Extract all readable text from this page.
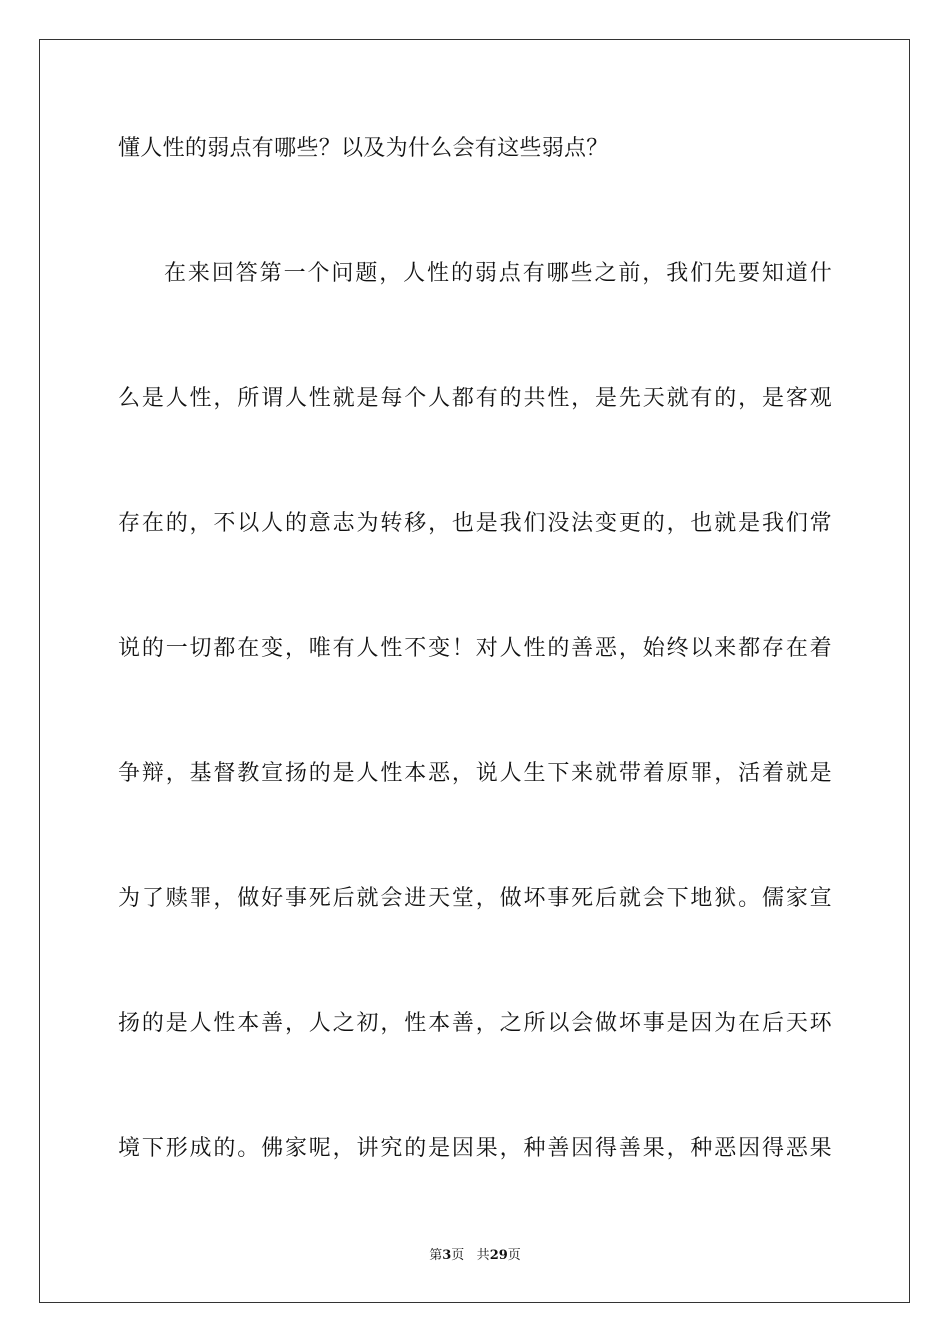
懂人性的弱点有哪些？以及为什么会有这些弱点？
在来回答第一个问题，人性的弱点有哪些之前，我们先要知道什
么是人性，所谓人性就是每个人都有的共性，是先天就有的，是客观
存在的，不以人的意志为转移，也是我们没法变更的，也就是我们常
说的一切都在变，唯有人性不变！对人性的善恶，始终以来都存在着
争辩，基督教宣扬的是人性本恶，说人生下来就带着原罪，活着就是
为了赎罪，做好事死后就会进天堂，做坏事死后就会下地狱。儒家宣
扬的是人性本善，人之初，性本善，之所以会做坏事是因为在后天环
境下形成的。佛家呢，讲究的是因果，种善因得善果，种恶因得恶果
第3页 共29页
